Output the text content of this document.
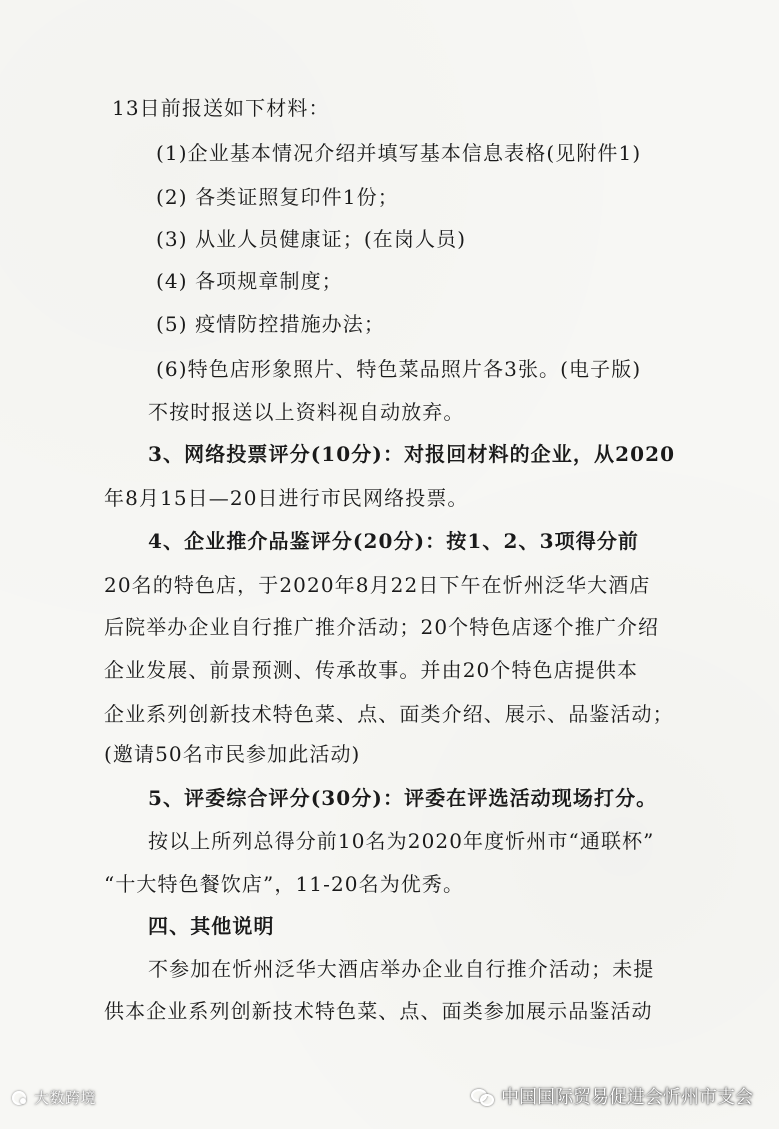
13日前报送如下材料：
(1)企业基本情况介绍并填写基本信息表格(见附件1)
(2) 各类证照复印件1份；
(3) 从业人员健康证；(在岗人员)
(4) 各项规章制度；
(5) 疫情防控措施办法；
(6)特色店形象照片、特色菜品照片各3张。(电子版)
不按时报送以上资料视自动放弃。
3、网络投票评分(10分)：对报回材料的企业，从2020
年8月15日—20日进行市民网络投票。
4、企业推介品鉴评分(20分)：按1、2、3项得分前
20名的特色店，于2020年8月22日下午在忻州泛华大酒店
后院举办企业自行推广推介活动；20个特色店逐个推广介绍
企业发展、前景预测、传承故事。并由20个特色店提供本
企业系列创新技术特色菜、点、面类介绍、展示、品鉴活动；
(邀请50名市民参加此活动)
5、评委综合评分(30分)：评委在评选活动现场打分。
按以上所列总得分前10名为2020年度忻州市“通联杯”
“十大特色餐饮店”，11-20名为优秀。
四、其他说明
不参加在忻州泛华大酒店举办企业自行推介活动；未提
供本企业系列创新技术特色菜、点、面类参加展示品鉴活动
大数跨境	中国国际贸易促进会忻州市支会
